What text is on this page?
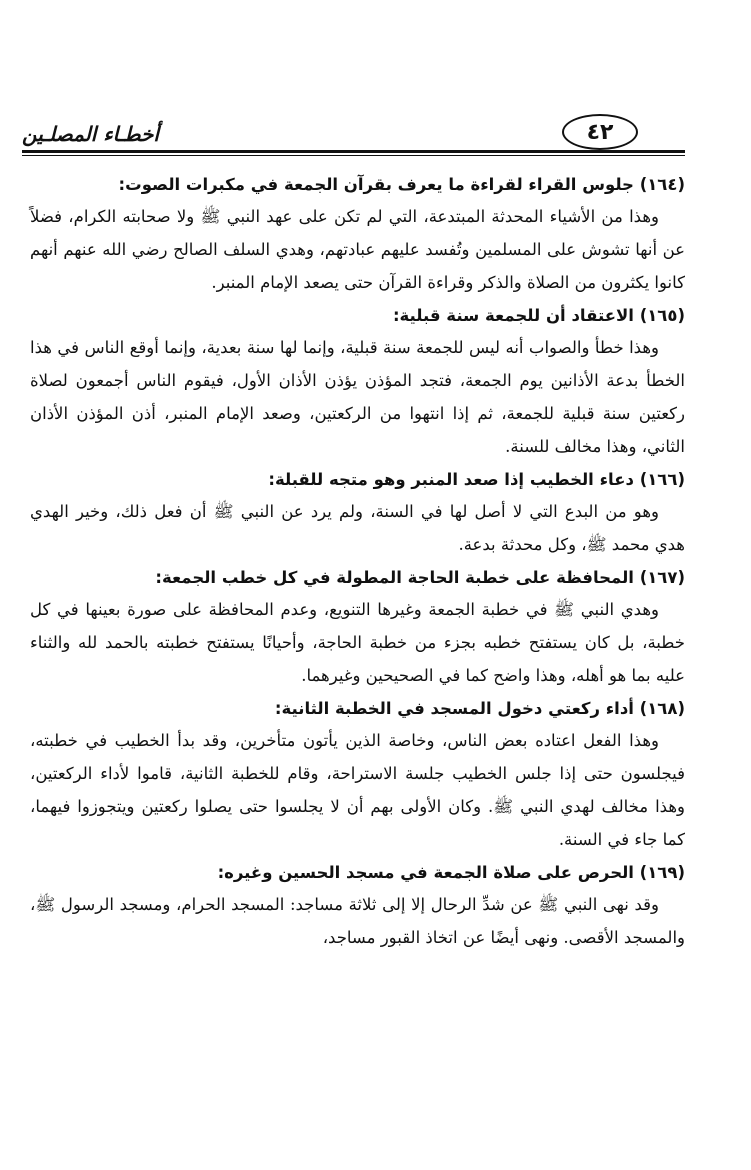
٤٢
أخطـاء المصلـين
(١٦٤) جلوس القراء لقراءة ما يعرف بقرآن الجمعة في مكبرات الصوت:

وهذا من الأشياء المحدثة المبتدعة، التي لم تكن على عهد النبي ﷺ ولا صحابته الكرام، فضلاً عن أنها تشوش على المسلمين وتُفسد عليهم عبادتهم، وهدي السلف الصالح رضي الله عنهم أنهم كانوا يكثرون من الصلاة والذكر وقراءة القرآن حتى يصعد الإمام المنبر.

(١٦٥) الاعتقاد أن للجمعة سنة قبلية:

وهذا خطأ والصواب أنه ليس للجمعة سنة قبلية، وإنما لها سنة بعدية، وإنما أوقع الناس في هذا الخطأ بدعة الأذانين يوم الجمعة، فتجد المؤذن يؤذن الأذان الأول، فيقوم الناس أجمعون لصلاة ركعتين سنة قبلية للجمعة، ثم إذا انتهوا من الركعتين، وصعد الإمام المنبر، أذن المؤذن الأذان الثاني، وهذا مخالف للسنة.

(١٦٦) دعاء الخطيب إذا صعد المنبر وهو متجه للقبلة:

وهو من البدع التي لا أصل لها في السنة، ولم يرد عن النبي ﷺ أن فعل ذلك، وخير الهدي هدي محمد ﷺ، وكل محدثة بدعة.

(١٦٧) المحافظة على خطبة الحاجة المطولة في كل خطب الجمعة:

وهدي النبي ﷺ في خطبة الجمعة وغيرها التنويع، وعدم المحافظة على صورة بعينها في كل خطبة، بل كان يستفتح خطبه بجزء من خطبة الحاجة، وأحيانًا يستفتح خطبته بالحمد لله والثناء عليه بما هو أهله، وهذا واضح كما في الصحيحين وغيرهما.

(١٦٨) أداء ركعتي دخول المسجد في الخطبة الثانية:

وهذا الفعل اعتاده بعض الناس، وخاصة الذين يأتون متأخرين، وقد بدأ الخطيب في خطبته، فيجلسون حتى إذا جلس الخطيب جلسة الاستراحة، وقام للخطبة الثانية، قاموا لأداء الركعتين، وهذا مخالف لهدي النبي ﷺ. وكان الأولى بهم أن لا يجلسوا حتى يصلوا ركعتين ويتجوزوا فيهما، كما جاء في السنة.

(١٦٩) الحرص على صلاة الجمعة في مسجد الحسين وغيره:

وقد نهى النبي ﷺ عن شدِّ الرحال إلا إلى ثلاثة مساجد: المسجد الحرام، ومسجد الرسول ﷺ، والمسجد الأقصى. ونهى أيضًا عن اتخاذ القبور مساجد،
